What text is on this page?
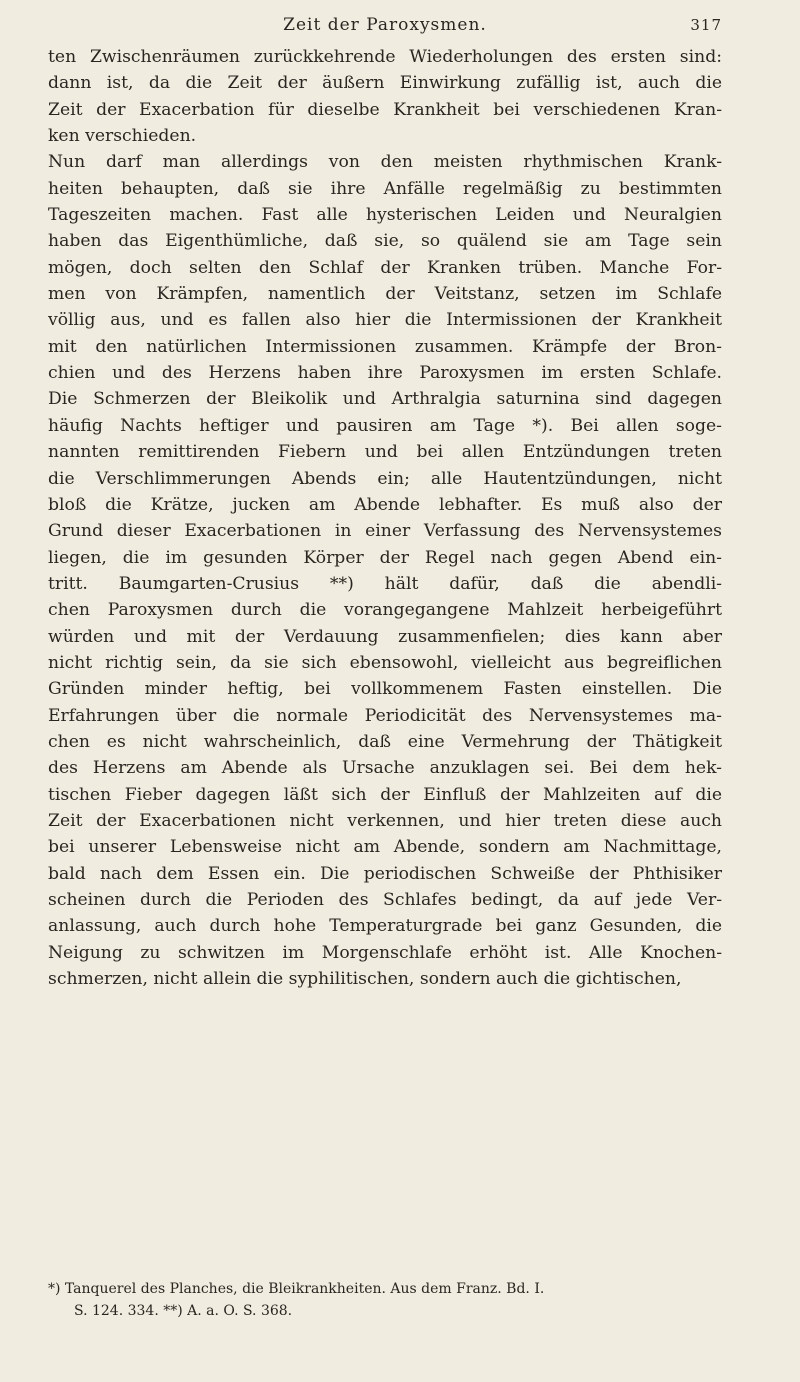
Zeit der Paroxysmen.	317
ten Zwischenräumen zurückkehrende Wiederholungen des ersten sind:
dann ist, da die Zeit der äußern Einwirkung zufällig ist, auch die
Zeit der Exacerbation für dieselbe Krankheit bei verschiedenen Kran-
ken verschieden.
Nun darf man allerdings von den meisten rhythmischen Krank-
heiten behaupten, daß sie ihre Anfälle regelmäßig zu bestimmten
Tageszeiten machen. Fast alle hysterischen Leiden und Neuralgien
haben das Eigenthümliche, daß sie, so quälend sie am Tage sein
mögen, doch selten den Schlaf der Kranken trüben. Manche For-
men von Krämpfen, namentlich der Veitstanz, setzen im Schlafe
völlig aus, und es fallen also hier die Intermissionen der Krankheit
mit den natürlichen Intermissionen zusammen. Krämpfe der Bron-
chien und des Herzens haben ihre Paroxysmen im ersten Schlafe.
Die Schmerzen der Bleikolik und Arthralgia saturnina sind dagegen
häufig Nachts heftiger und pausiren am Tage *). Bei allen soge-
nannten remittirenden Fiebern und bei allen Entzündungen treten
die Verschlimmerungen Abends ein; alle Hautentzündungen, nicht
bloß die Krätze, jucken am Abende lebhafter. Es muß also der
Grund dieser Exacerbationen in einer Verfassung des Nervensystemes
liegen, die im gesunden Körper der Regel nach gegen Abend ein-
tritt. Baumgarten-Crusius **) hält dafür, daß die abendli-
chen Paroxysmen durch die vorangegangene Mahlzeit herbeigeführt
würden und mit der Verdauung zusammenfielen; dies kann aber
nicht richtig sein, da sie sich ebensowohl, vielleicht aus begreiflichen
Gründen minder heftig, bei vollkommenem Fasten einstellen. Die
Erfahrungen über die normale Periodicität des Nervensystemes ma-
chen es nicht wahrscheinlich, daß eine Vermehrung der Thätigkeit
des Herzens am Abende als Ursache anzuklagen sei. Bei dem hek-
tischen Fieber dagegen läßt sich der Einfluß der Mahlzeiten auf die
Zeit der Exacerbationen nicht verkennen, und hier treten diese auch
bei unserer Lebensweise nicht am Abende, sondern am Nachmittage,
bald nach dem Essen ein. Die periodischen Schweiße der Phthisiker
scheinen durch die Perioden des Schlafes bedingt, da auf jede Ver-
anlassung, auch durch hohe Temperaturgrade bei ganz Gesunden, die
Neigung zu schwitzen im Morgenschlafe erhöht ist. Alle Knochen-
schmerzen, nicht allein die syphilitischen, sondern auch die gichtischen,
*) Tanquerel des Planches, die Bleikrankheiten. Aus dem Franz. Bd. I.
S. 124. 334. **) A. a. O. S. 368.
